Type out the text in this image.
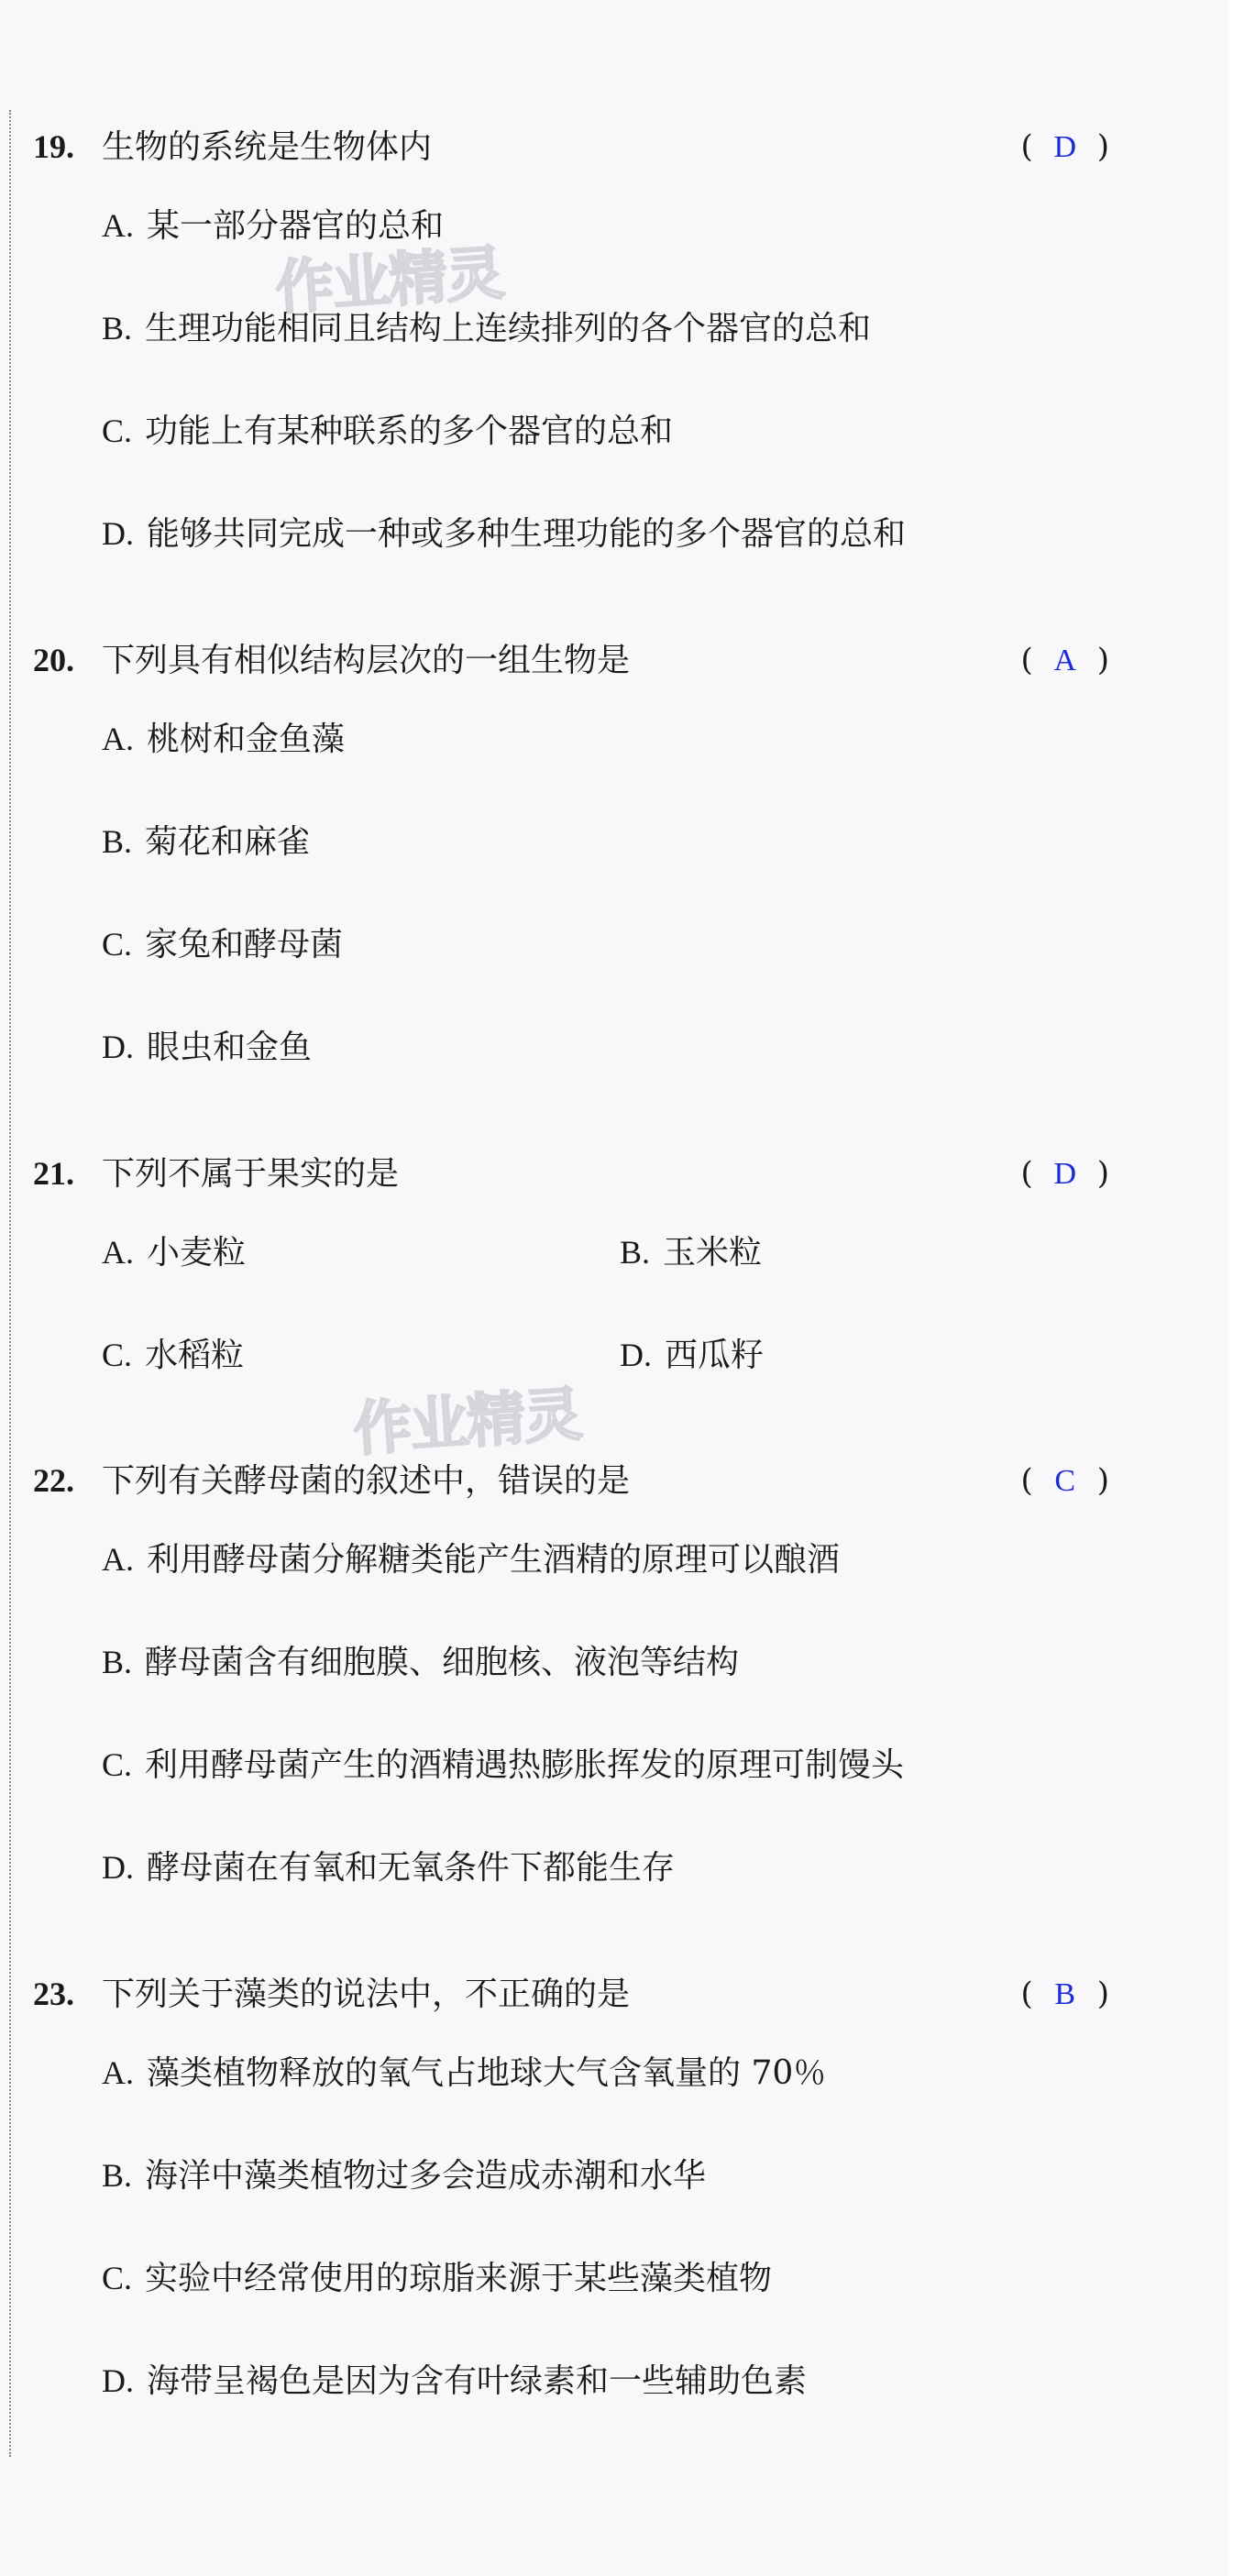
作业精灵
作业精灵
19. 生物的系统是生物体内	( D )
A. 某一部分器官的总和
B. 生理功能相同且结构上连续排列的各个器官的总和
C. 功能上有某种联系的多个器官的总和
D. 能够共同完成一种或多种生理功能的多个器官的总和
20. 下列具有相似结构层次的一组生物是	( A )
A. 桃树和金鱼藻
B. 菊花和麻雀
C. 家兔和酵母菌
D. 眼虫和金鱼
21. 下列不属于果实的是	( D )
A. 小麦粒	B. 玉米粒
C. 水稻粒	D. 西瓜籽
22. 下列有关酵母菌的叙述中，错误的是	( C )
A. 利用酵母菌分解糖类能产生酒精的原理可以酿酒
B. 酵母菌含有细胞膜、细胞核、液泡等结构
C. 利用酵母菌产生的酒精遇热膨胀挥发的原理可制馒头
D. 酵母菌在有氧和无氧条件下都能生存
23. 下列关于藻类的说法中，不正确的是	( B )
A. 藻类植物释放的氧气占地球大气含氧量的 70％
B. 海洋中藻类植物过多会造成赤潮和水华
C. 实验中经常使用的琼脂来源于某些藻类植物
D. 海带呈褐色是因为含有叶绿素和一些辅助色素
